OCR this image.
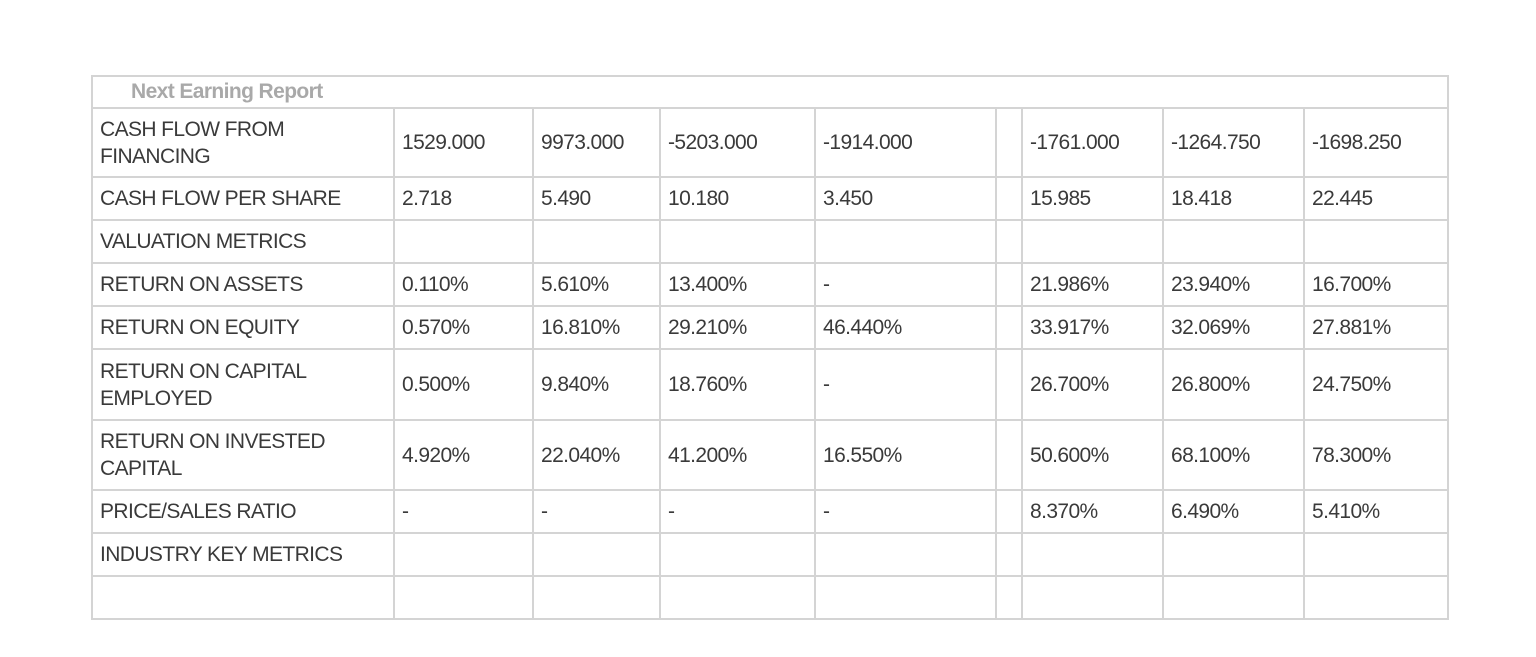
Next Earning Report								
CASH FLOW FROM FINANCING	1529.000	9973.000	-5203.000	-1914.000		-1761.000	-1264.750	-1698.250
CASH FLOW PER SHARE	2.718	5.490	10.180	3.450		15.985	18.418	22.445
VALUATION METRICS								
RETURN ON ASSETS	0.110%	5.610%	13.400%	-		21.986%	23.940%	16.700%
RETURN ON EQUITY	0.570%	16.810%	29.210%	46.440%		33.917%	32.069%	27.881%
RETURN ON CAPITAL EMPLOYED	0.500%	9.840%	18.760%	-		26.700%	26.800%	24.750%
RETURN ON INVESTED CAPITAL	4.920%	22.040%	41.200%	16.550%		50.600%	68.100%	78.300%
PRICE/SALES RATIO	-	-	-	-		8.370%	6.490%	5.410%
INDUSTRY KEY METRICS								
